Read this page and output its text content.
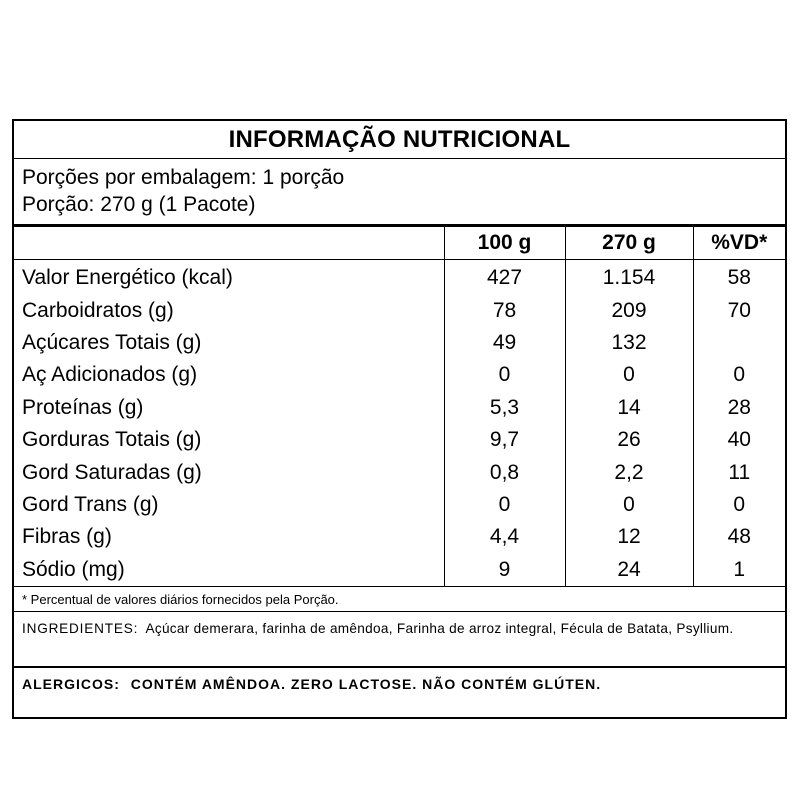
INFORMAÇÃO NUTRICIONAL
Porções por embalagem: 1 porção
Porção: 270 g (1 Pacote)
	100 g	270 g	%VD*
Valor Energético (kcal)	427	1.154	58
Carboidratos (g)	78	209	70
Açúcares Totais (g)	49	132	
Aç Adicionados (g)	0	0	0
Proteínas (g)	5,3	14	28
Gorduras Totais (g)	9,7	26	40
Gord Saturadas (g)	0,8	2,2	11
Gord Trans (g)	0	0	0
Fibras (g)	4,4	12	48
Sódio (mg)	9	24	1
* Percentual de valores diários fornecidos pela Porção.
INGREDIENTES: Açúcar demerara, farinha de amêndoa, Farinha de arroz integral, Fécula de Batata, Psyllium.
ALERGICOS: CONTÉM AMÊNDOA. ZERO LACTOSE. NÃO CONTÉM GLÚTEN.
